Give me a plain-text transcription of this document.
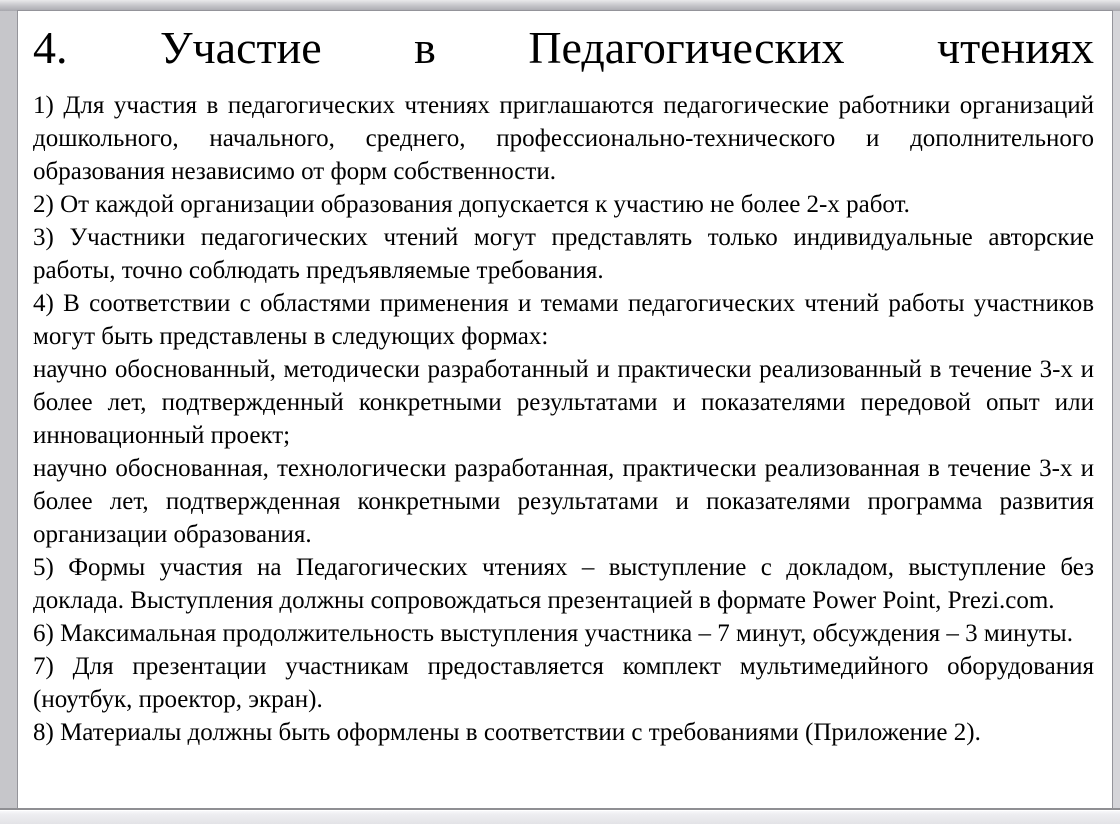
4. Участие в Педагогических чтениях

1) Для участия в педагогических чтениях приглашаются педагогические работники организаций дошкольного, начального, среднего, профессионально-технического и дополнительного образования независимо от форм собственности.

2) От каждой организации образования допускается к участию не более 2-х работ.

3) Участники педагогических чтений могут представлять только индивидуальные авторские работы, точно соблюдать предъявляемые требования.

4) В соответствии с областями применения и темами педагогических чтений работы участников могут быть представлены в следующих формах:

научно обоснованный, методически разработанный и практически реализованный в течение 3-х и более лет, подтвержденный конкретными результатами и показателями передовой опыт или инновационный проект;

научно обоснованная, технологически разработанная, практически реализованная в течение 3-х и более лет, подтвержденная конкретными результатами и показателями программа развития организации образования.

5) Формы участия на Педагогических чтениях – выступление с докладом, выступление без доклада. Выступления должны сопровождаться презентацией в формате Power Point, Prezi.com.

6) Максимальная продолжительность выступления участника – 7 минут, обсуждения – 3 минуты.

7) Для презентации участникам предоставляется комплект мультимедийного оборудования (ноутбук, проектор, экран).

8) Материалы должны быть оформлены в соответствии с требованиями (Приложение 2).
